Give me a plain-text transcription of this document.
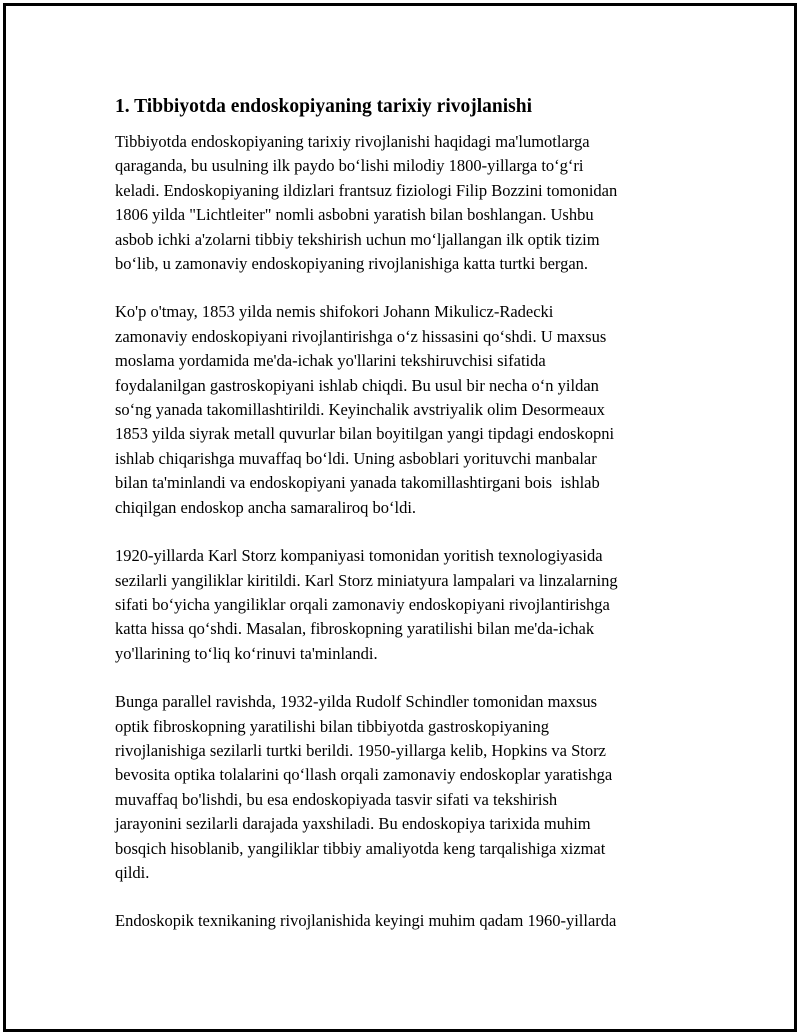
1. Tibbiyotda endoskopiyaning tarixiy rivojlanishi
Tibbiyotda endoskopiyaning tarixiy rivojlanishi haqidagi ma'lumotlarga
qaraganda, bu usulning ilk paydo bo‘lishi milodiy 1800-yillarga to‘g‘ri
keladi. Endoskopiyaning ildizlari frantsuz fiziologi Filip Bozzini tomonidan
1806 yilda "Lichtleiter" nomli asbobni yaratish bilan boshlangan. Ushbu
asbob ichki a'zolarni tibbiy tekshirish uchun mo‘ljallangan ilk optik tizim
bo‘lib, u zamonaviy endoskopiyaning rivojlanishiga katta turtki bergan.
Ko'p o'tmay, 1853 yilda nemis shifokori Johann Mikulicz-Radecki
zamonaviy endoskopiyani rivojlantirishga o‘z hissasini qo‘shdi. U maxsus
moslama yordamida me'da-ichak yo'llarini tekshiruvchisi sifatida
foydalanilgan gastroskopiyani ishlab chiqdi. Bu usul bir necha o‘n yildan
so‘ng yanada takomillashtirildi. Keyinchalik avstriyalik olim Desormeaux
1853 yilda siyrak metall quvurlar bilan boyitilgan yangi tipdagi endoskopni
ishlab chiqarishga muvaffaq bo‘ldi. Uning asboblari yorituvchi manbalar
bilan ta'minlandi va endoskopiyani yanada takomillashtirgani bois  ishlab
chiqilgan endoskop ancha samaraliroq bo‘ldi.
1920-yillarda Karl Storz kompaniyasi tomonidan yoritish texnologiyasida
sezilarli yangiliklar kiritildi. Karl Storz miniatyura lampalari va linzalarning
sifati bo‘yicha yangiliklar orqali zamonaviy endoskopiyani rivojlantirishga
katta hissa qo‘shdi. Masalan, fibroskopning yaratilishi bilan me'da-ichak
yo'llarining to‘liq ko‘rinuvi ta'minlandi.
Bunga parallel ravishda, 1932-yilda Rudolf Schindler tomonidan maxsus
optik fibroskopning yaratilishi bilan tibbiyotda gastroskopiyaning
rivojlanishiga sezilarli turtki berildi. 1950-yillarga kelib, Hopkins va Storz
bevosita optika tolalarini qo‘llash orqali zamonaviy endoskoplar yaratishga
muvaffaq bo'lishdi, bu esa endoskopiyada tasvir sifati va tekshirish
jarayonini sezilarli darajada yaxshiladi. Bu endoskopiya tarixida muhim
bosqich hisoblanib, yangiliklar tibbiy amaliyotda keng tarqalishiga xizmat
qildi.
Endoskopik texnikaning rivojlanishida keyingi muhim qadam 1960-yillarda
